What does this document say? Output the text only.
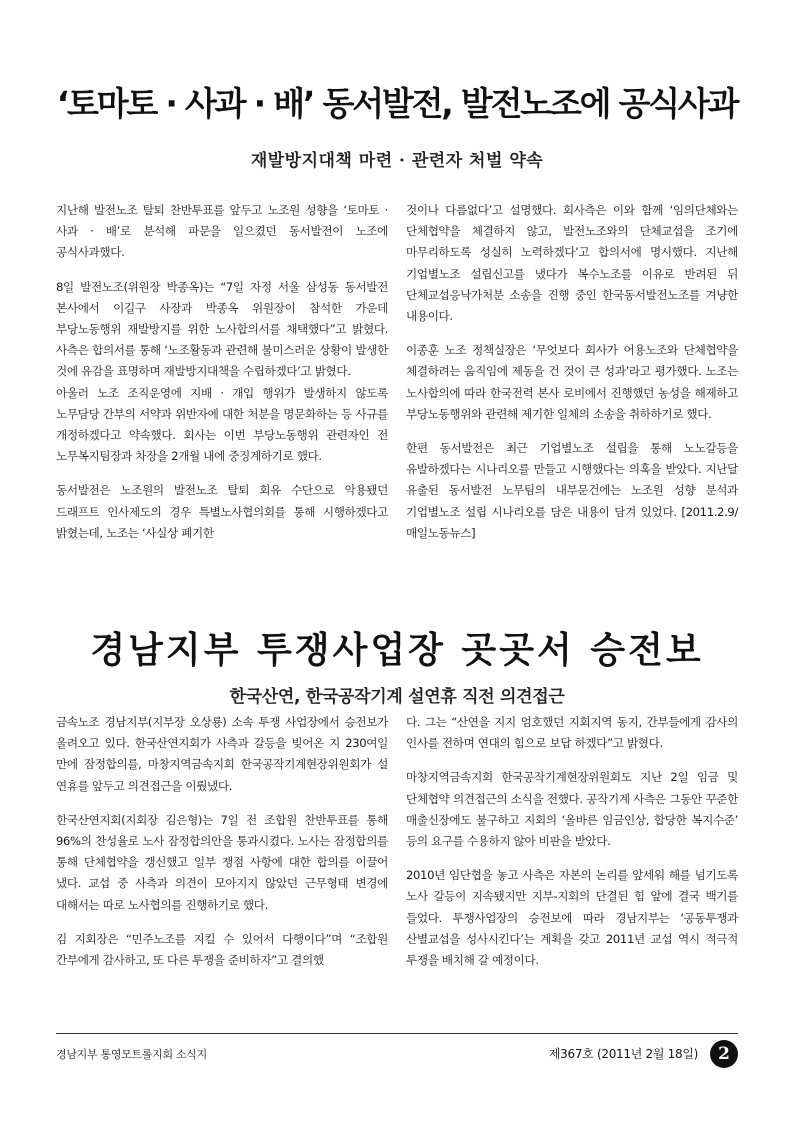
‘토마토 · 사과 · 배’ 동서발전, 발전노조에 공식사과
재발방지대책 마련 · 관련자 처벌 약속

지난해 발전노조 탈퇴 찬반투표를 앞두고 노조원 성향을 ‘토마토 · 사과 · 배’로 분석해 파문을 일으켰던 동서발전이 노조에 공식사과했다.

8일 발전노조(위원장 박종옥)는 “7일 자정 서울 삼성동 동서발전 본사에서 이길구 사장과 박종옥 위원장이 참석한 가운데 부당노동행위 재발방지를 위한 노사합의서를 채택했다”고 밝혔다. 사측은 합의서를 통해 ‘노조활동과 관련해 불미스러운 상황이 발생한 것에 유감을 표명하며 재발방지대책을 수립하겠다’고 밝혔다.

아울러 노조 조직운영에 지배 · 개입 행위가 발생하지 않도록 노무담당 간부의 서약과 위반자에 대한 처분을 명문화하는 등 사규를 개정하겠다고 약속했다. 회사는 이번 부당노동행위 관련자인 전 노무복지팀장과 차장을 2개월 내에 중징계하기로 했다.

동서발전은 노조원의 발전노조 탈퇴 회유 수단으로 악용됐던 드래프트 인사제도의 경우 특별노사협의회를 통해 시행하겠다고 밝혔는데, 노조는 ‘사실상 폐기한

것이나 다름없다’고 설명했다. 회사측은 이와 함께 ‘임의단체와는 단체협약을 체결하지 않고, 발전노조와의 단체교섭을 조기에 마무리하도록 성실히 노력하겠다’고 합의서에 명시했다. 지난해 기업별노조 설립신고를 냈다가 복수노조를 이유로 반려된 뒤 단체교섭응낙가처분 소송을 진행 중인 한국동서발전노조를 겨냥한 내용이다.

이종훈 노조 정책실장은 ‘무엇보다 회사가 어용노조와 단체협약을 체결하려는 움직임에 제동을 건 것이 큰 성과’라고 평가했다. 노조는 노사합의에 따라 한국전력 본사 로비에서 진행했던 농성을 해제하고 부당노동행위와 관련해 제기한 일체의 소송을 취하하기로 했다.

한편 동서발전은 최근 기업별노조 설립을 통해 노노갈등을 유발하겠다는 시나리오를 만들고 시행했다는 의혹을 받았다. 지난달 유출된 동서발전 노무팀의 내부문건에는 노조원 성향 분석과 기업별노조 설립 시나리오를 담은 내용이 담겨 있었다. [2011.2.9/매일노동뉴스]

경남지부 투쟁사업장 곳곳서 승전보
한국산연, 한국공작기계 설연휴 직전 의견접근

금속노조 경남지부(지부장 오상룡) 소속 투쟁 사업장에서 승전보가 울려오고 있다. 한국산연지회가 사측과 갈등을 빚어온 지 230여일 만에 잠정합의를, 마창지역금속지회 한국공작기계현장위원회가 설 연휴를 앞두고 의견접근을 이뤘냈다.

한국산연지회(지회장 김은형)는 7일 전 조합원 찬반투표를 통해 96%의 찬성율로 노사 잠정합의안을 통과시켰다. 노사는 잠정합의를 통해 단체협약을 갱신했고 일부 쟁점 사항에 대한 합의를 이끌어 냈다. 교섭 중 사측과 의견이 모아지지 않았던 근무형태 변경에 대해서는 따로 노사협의를 진행하기로 했다.

김 지회장은 “민주노조를 지킬 수 있어서 다행이다”며 “조합원 간부에게 감사하고, 또 다른 투쟁을 준비하자”고 결의했

다. 그는 “산연을 지지 엄호했던 지회지역 동지, 간부들에게 감사의 인사를 전하며 연대의 힘으로 보답 하겠다”고 밝혔다.

마창지역금속지회 한국공작기계현장위원회도 지난 2일 임금 및 단체협약 의견접근의 소식을 전했다. 공작기계 사측은 그동안 꾸준한 매출신장에도 불구하고 지회의 ‘올바른 임금인상, 합당한 복지수준’ 등의 요구를 수용하지 않아 비판을 받았다.

2010년 임단협을 놓고 사측은 자본의 논리를 앞세워 해를 넘기도록 노사 갈등이 지속됐지만 지부-지회의 단결된 힘 앞에 결국 백기를 들었다. 투쟁사업장의 승전보에 따라 경남지부는 ‘공동투쟁과 산별교섭을 성사시킨다’는 계획을 갖고 2011년 교섭 역시 적극적 투쟁을 배치해 갈 예정이다.

경남지부 통영모트롤지회 소식지	제367호 (2011년 2월 18일)	2
